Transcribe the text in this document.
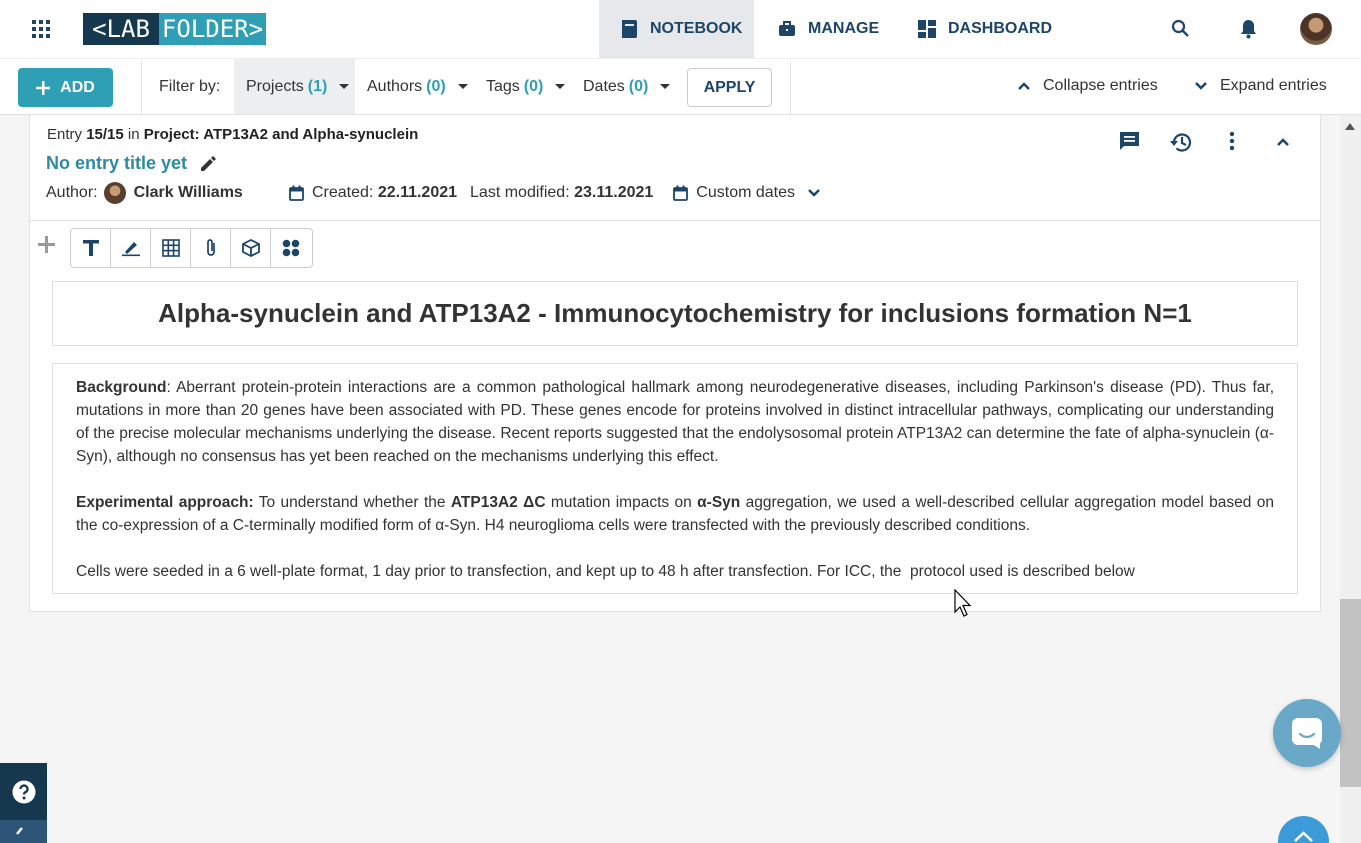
<LAB FOLDER>	NOTEBOOK	MANAGE	DASHBOARD
ADD	Filter by: Projects (1) Authors (0)	Tags (0) Dates (0)	APPLY	Collapse entries	Expand entries
Entry 15/15 in Project: ATP13A2 and Alpha-synuclein
No entry title yet
Author: Clark Williams	Created:
22.11.2021 Last modified:
23.11.2021	Custom dates
Alpha-synuclein and ATP13A2 - Immunocytochemistry for inclusions formation N=1

Background: Aberrant protein-protein interactions are a common pathological hallmark among neurodegenerative diseases, including Parkinson's disease (PD). Thus far, mutations in more than 20 genes have been associated with PD. These genes encode for proteins involved in distinct intracellular pathways, complicating our understanding of the precise molecular mechanisms underlying the disease. Recent reports suggested that the endolysosomal protein ATP13A2 can determine the fate of alpha-synuclein (α-Syn), although no consensus has yet been reached on the mechanisms underlying this effect.

Experimental approach: To understand whether the ATP13A2 ΔC mutation impacts on α-Syn aggregation, we used a well-described cellular aggregation model based on the co-expression of a C-terminally modified form of α-Syn. H4 neuroglioma cells were transfected with the previously described conditions.

Cells were seeded in a 6 well-plate format, 1 day prior to transfection, and kept up to 48 h after transfection. For ICC, the  protocol used is described below
